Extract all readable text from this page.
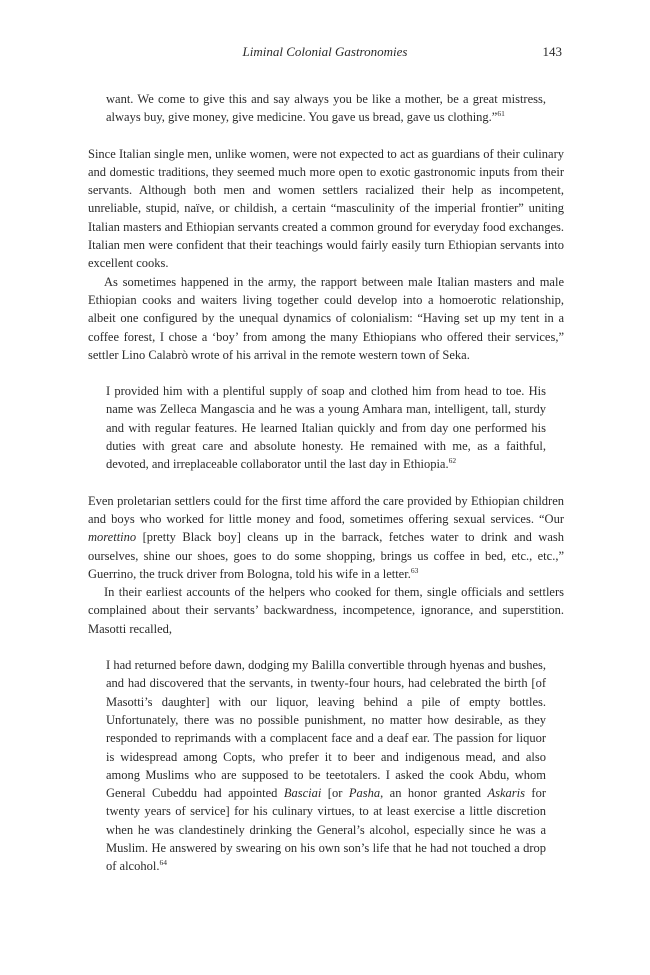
Liminal Colonial Gastronomies	143

want. We come to give this and say always you be like a mother, be a great mistress, always buy, give money, give medicine. You gave us bread, gave us clothing.”$^{61}$

Since Italian single men, unlike women, were not expected to act as guardians of their culinary and domestic traditions, they seemed much more open to exotic gastronomic inputs from their servants. Although both men and women settlers racialized their help as incompetent, unreliable, stupid, naïve, or childish, a certain “masculinity of the imperial frontier” uniting Italian masters and Ethiopian servants created a common ground for everyday food exchanges. Italian men were confident that their teachings would fairly easily turn Ethiopian servants into excellent cooks.

As sometimes happened in the army, the rapport between male Italian masters and male Ethiopian cooks and waiters living together could develop into a homoerotic relationship, albeit one configured by the unequal dynamics of colonialism: “Having set up my tent in a coffee forest, I chose a ‘boy’ from among the many Ethiopians who offered their services,” settler Lino Calabrò wrote of his arrival in the remote western town of Seka.

I provided him with a plentiful supply of soap and clothed him from head to toe. His name was Zelleca Mangascia and he was a young Amhara man, intelligent, tall, sturdy and with regular features. He learned Italian quickly and from day one performed his duties with great care and absolute honesty. He remained with me, as a faithful, devoted, and irreplaceable collaborator until the last day in Ethiopia.$^{62}$

Even proletarian settlers could for the first time afford the care provided by Ethiopian children and boys who worked for little money and food, sometimes offering sexual services. “Our morettino [pretty Black boy] cleans up in the barrack, fetches water to drink and wash ourselves, shine our shoes, goes to do some shopping, brings us coffee in bed, etc., etc.,” Guerrino, the truck driver from Bologna, told his wife in a letter.$^{63}$

In their earliest accounts of the helpers who cooked for them, single officials and settlers complained about their servants’ backwardness, incompetence, ignorance, and superstition. Masotti recalled,

I had returned before dawn, dodging my Balilla convertible through hyenas and bushes, and had discovered that the servants, in twenty-four hours, had celebrated the birth [of Masotti’s daughter] with our liquor, leaving behind a pile of empty bottles. Unfortunately, there was no possible punishment, no matter how desirable, as they responded to reprimands with a complacent face and a deaf ear. The passion for liquor is widespread among Copts, who prefer it to beer and indigenous mead, and also among Muslims who are supposed to be teetotalers. I asked the cook Abdu, whom General Cubeddu had appointed Basciai [or Pasha, an honor granted Askaris for twenty years of service] for his culinary virtues, to at least exercise a little discretion when he was clandestinely drinking the General’s alcohol, especially since he was a Muslim. He answered by swearing on his own son’s life that he had not touched a drop of alcohol.$^{64}$
